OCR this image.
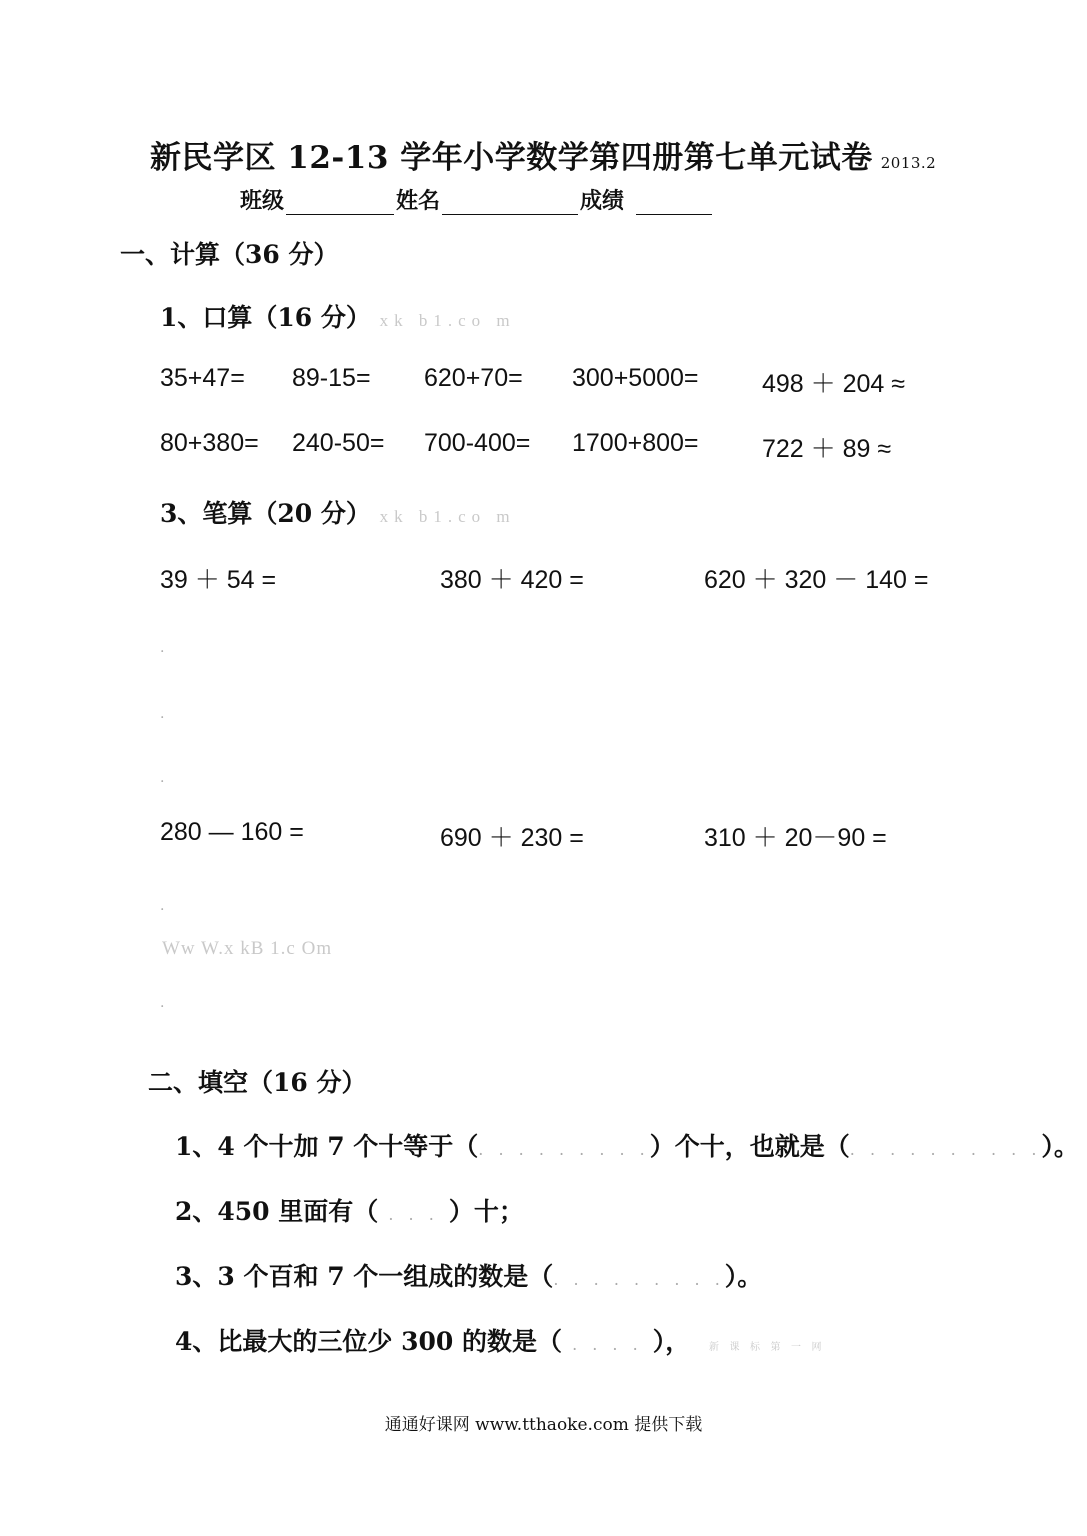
新民学区 12-13 学年小学数学第四册第七单元试卷 2013.2
班级	姓名	成绩
一、计算（36 分）
1、口算（16 分） xk b1.co m
35+47= 89-15= 620+70= 300+5000=	498 ＋ 204 ≈
80+380= 240-50= 700-400= 1700+800=	722 ＋ 89 ≈
3、笔算（20 分） xk b1.co m
39 ＋ 54 =	380 ＋ 420 =	620 ＋ 320 － 140 =
.
.
.
280 — 160 =	690 ＋ 230 =	310 ＋ 20－90 =
.
Ww W.x kB 1.c Om
.
二、填空（16 分）
1、4 个十加 7 个十等于（. . . . . . . . .）个十，也就是（. . . . . . . . . .）。
2、450 里面有（ . . . ）十；
3、3 个百和 7 个一组成的数是（. . . . . . . . .）。
4、比最大的三位少 300 的数是（ . . . . ）， 新 课 标 第 一 网
通通好课网 www.tthaoke.com 提供下载
